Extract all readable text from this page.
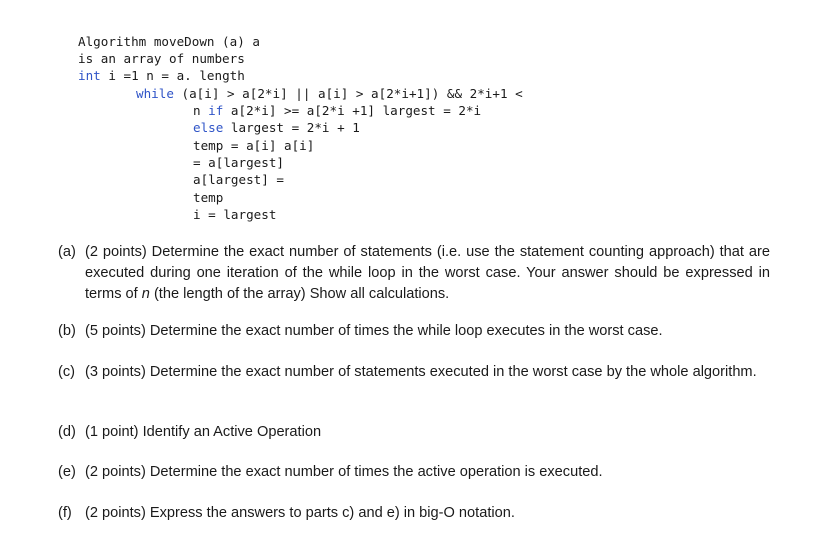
Algorithm moveDown (a) a
is an array of numbers
int i =1 n = a. length
while (a[i] > a[2*i] || a[i] > a[2*i+1]) && 2*i+1 <
n if a[2*i] >= a[2*i +1] largest = 2*i
else largest = 2*i + 1
temp = a[i] a[i]
= a[largest]
a[largest] =
temp
i = largest
(a) (2 points) Determine the exact number of statements (i.e. use the statement counting approach) that are executed during one iteration of the while loop in the worst case. Your answer should be expressed in terms of n (the length of the array) Show all calculations.
(b) (5 points) Determine the exact number of times the while loop executes in the worst case.
(c) (3 points) Determine the exact number of statements executed in the worst case by the whole algorithm.
(d) (1 point) Identify an Active Operation
(e) (2 points) Determine the exact number of times the active operation is executed.
(f) (2 points) Express the answers to parts c) and e) in big-O notation.
